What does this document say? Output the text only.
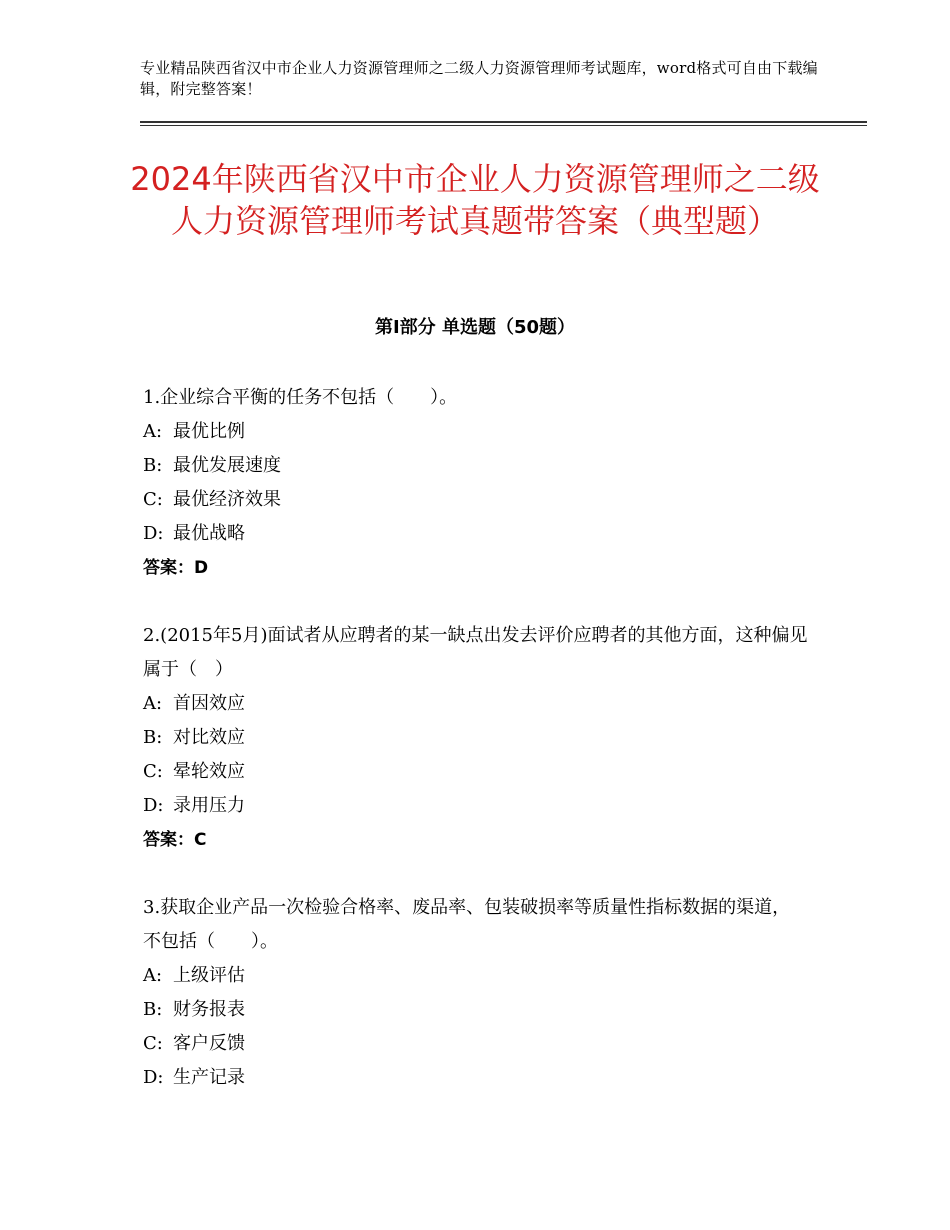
专业精品陕西省汉中市企业人力资源管理师之二级人力资源管理师考试题库，word格式可自由下载编辑，附完整答案！
2024年陕西省汉中市企业人力资源管理师之二级人力资源管理师考试真题带答案（典型题）
第Ⅰ部分 单选题（50题）
1.企业综合平衡的任务不包括（　　）。
A: 最优比例
B: 最优发展速度
C: 最优经济效果
D: 最优战略
答案：D
2.(2015年5月)面试者从应聘者的某一缺点出发去评价应聘者的其他方面，这种偏见属于（　）
A: 首因效应
B: 对比效应
C: 晕轮效应
D: 录用压力
答案：C
3.获取企业产品一次检验合格率、废品率、包装破损率等质量性指标数据的渠道，不包括（　　）。
A: 上级评估
B: 财务报表
C: 客户反馈
D: 生产记录
